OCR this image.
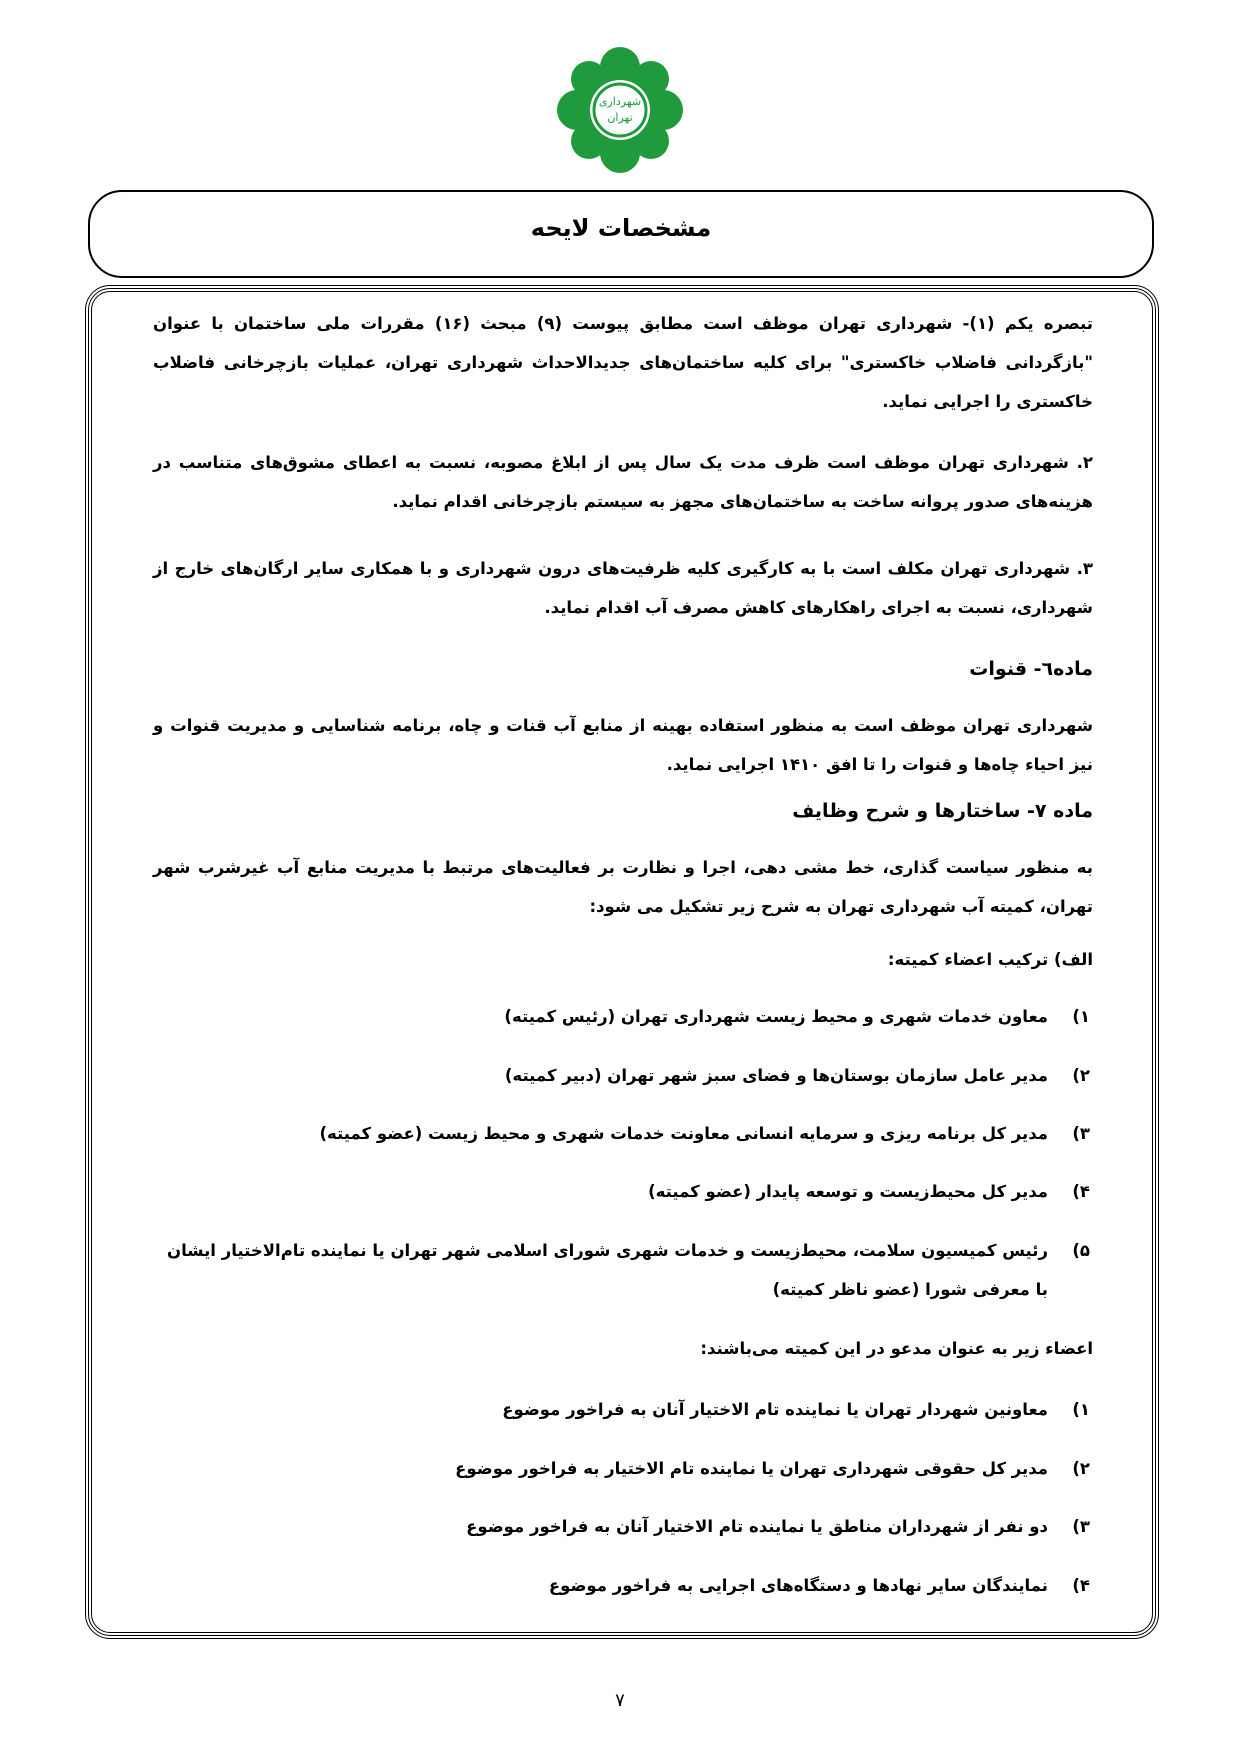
شهرداری
تهران
مشخصات لایحه
تبصره یکم (۱)- شهرداری تهران موظف است مطابق پیوست (۹) مبحث (۱۶) مقررات ملی ساختمان با عنوان "بازگردانی فاضلاب خاکستری" برای کلیه ساختمان‌های جدیدالاحداث شهرداری تهران، عملیات بازچرخانی فاضلاب خاکستری را اجرایی نماید.
۲. شهرداری تهران موظف است ظرف مدت یک سال پس از ابلاغ مصوبه، نسبت به اعطای مشوق‌های متناسب در هزینه‌های صدور پروانه ساخت به ساختمان‌های مجهز به سیستم بازچرخانی اقدام نماید.
۳. شهرداری تهران مکلف است با به کارگیری کلیه ظرفیت‌های درون شهرداری و با همکاری سایر ارگان‌های خارج از شهرداری، نسبت به اجرای راهکارهای کاهش مصرف آب اقدام نماید.
ماده٦- قنوات
شهرداری تهران موظف است به منظور استفاده بهینه از منابع آب قنات و چاه، برنامه شناسایی و مدیریت قنوات و نیز احیاء چاه‌ها و قنوات را تا افق ۱۴۱۰ اجرایی نماید.
ماده ۷- ساختارها و شرح وظایف
به منظور سیاست گذاری، خط مشی دهی، اجرا و نظارت بر فعالیت‌های مرتبط با مدیریت منابع آب غیرشرب شهر تهران، کمیته آب شهرداری تهران به شرح زیر تشکیل می شود:
الف) ترکیب اعضاء کمیته:
۱)
معاون خدمات شهری و محیط زیست شهرداری تهران (رئیس کمیته)
۲)
مدیر عامل سازمان بوستان‌ها و فضای سبز شهر تهران (دبیر کمیته)
۳)
مدیر کل برنامه ریزی و سرمایه انسانی معاونت خدمات شهری و محیط زیست (عضو کمیته)
۴)
مدیر کل محیط‌زیست و توسعه پایدار (عضو کمیته)
۵)
رئیس کمیسیون سلامت، محیط‌زیست و خدمات شهری شورای اسلامی شهر تهران یا نماینده تام‌الاختیار ایشان با معرفی شورا (عضو ناظر کمیته)
اعضاء زیر به عنوان مدعو در این کمیته می‌باشند:
۱)
معاونین شهردار تهران یا نماینده تام الاختیار آنان به فراخور موضوع
۲)
مدیر کل حقوقی شهرداری تهران یا نماینده تام الاختیار به فراخور موضوع
۳)
دو نفر از شهرداران مناطق یا نماینده تام الاختیار آنان به فراخور موضوع
۴)
نمایندگان سایر نهادها و دستگاه‌های اجرایی به فراخور موضوع
۷
